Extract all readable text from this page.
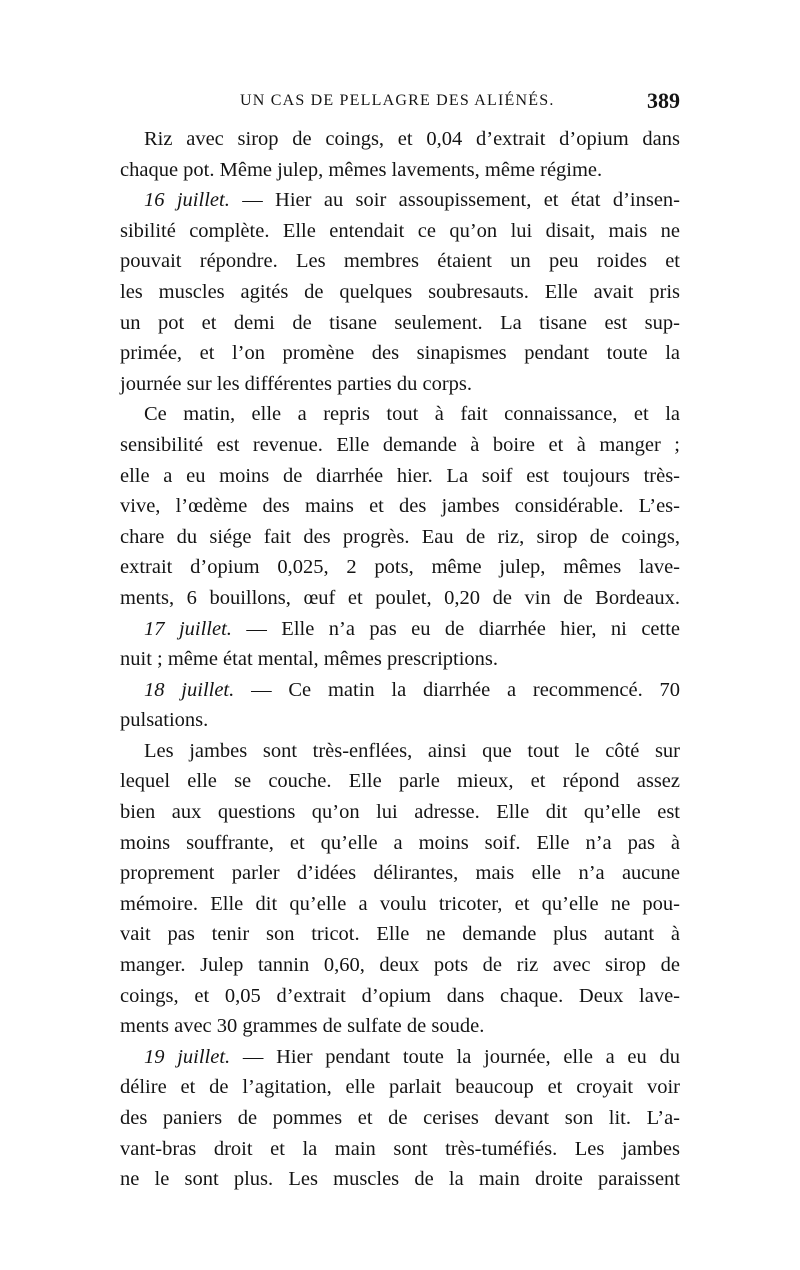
UN CAS DE PELLAGRE DES ALIÉNÉS.	389
Riz avec sirop de coings, et 0,04 d’extrait d’opium dans
chaque pot. Même julep, mêmes lavements, même régime.
16 juillet. — Hier au soir assoupissement, et état d’insen-
sibilité complète. Elle entendait ce qu’on lui disait, mais ne
pouvait répondre. Les membres étaient un peu roides et
les muscles agités de quelques soubresauts. Elle avait pris
un pot et demi de tisane seulement. La tisane est sup-
primée, et l’on promène des sinapismes pendant toute la
journée sur les différentes parties du corps.
Ce matin, elle a repris tout à fait connaissance, et la
sensibilité est revenue. Elle demande à boire et à manger ;
elle a eu moins de diarrhée hier. La soif est toujours très-
vive, l’œdème des mains et des jambes considérable. L’es-
chare du siége fait des progrès. Eau de riz, sirop de coings,
extrait d’opium 0,025, 2 pots, même julep, mêmes lave-
ments, 6 bouillons, œuf et poulet, 0,20 de vin de Bordeaux.
17 juillet. — Elle n’a pas eu de diarrhée hier, ni cette
nuit ; même état mental, mêmes prescriptions.
18 juillet. — Ce matin la diarrhée a recommencé. 70
pulsations.
Les jambes sont très-enflées, ainsi que tout le côté sur
lequel elle se couche. Elle parle mieux, et répond assez
bien aux questions qu’on lui adresse. Elle dit qu’elle est
moins souffrante, et qu’elle a moins soif. Elle n’a pas à
proprement parler d’idées délirantes, mais elle n’a aucune
mémoire. Elle dit qu’elle a voulu tricoter, et qu’elle ne pou-
vait pas tenir son tricot. Elle ne demande plus autant à
manger. Julep tannin 0,60, deux pots de riz avec sirop de
coings, et 0,05 d’extrait d’opium dans chaque. Deux lave-
ments avec 30 grammes de sulfate de soude.
19 juillet. — Hier pendant toute la journée, elle a eu du
délire et de l’agitation, elle parlait beaucoup et croyait voir
des paniers de pommes et de cerises devant son lit. L’a-
vant-bras droit et la main sont très-tuméfiés. Les jambes
ne le sont plus. Les muscles de la main droite paraissent
